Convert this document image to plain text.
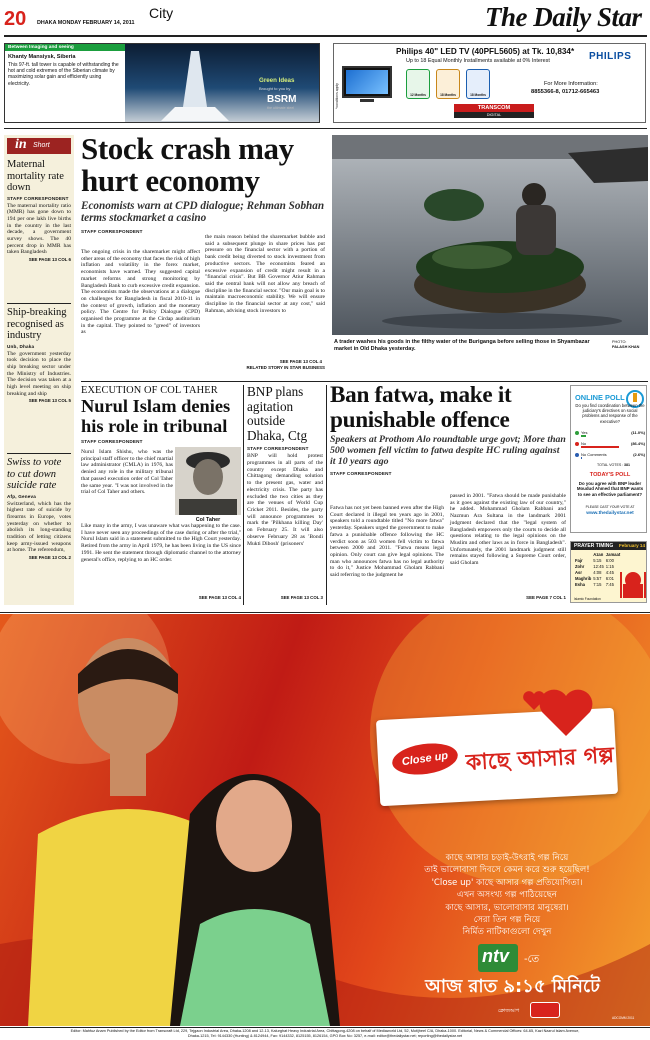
20 DHAKA MONDAY FEBRUARY 14, 2011
City	The Daily Star
Between Imaging and seeing
Khanty Mansiysk, Siberia
This 97-ft. tall tower is capable of withstanding the hot and cold extremes of the Siberian climate by maximizing solar gain and efficiently using electricity.	Green Ideas
Brought to you by
BSRM
the ultimate steel
Philips 40" LED TV (40PFL5605) at Tk. 10,834* PHILIPS
Up to 18 Equal Monthly Installments available at 0% Interest
*conditions apply	12 Months	18 Months	18 Months
For More Information:
8855366-8, 01712-665463
TRANSCOM
DIGITAL
in Short
Maternal mortality rate down
STAFF CORRESPONDENT
The maternal mortality ratio (MMR) has gone down to 194 per one lakh live births in the country in the last decade, a government survey shows. The 40 percent drop in MMR has taken Bangladesh
SEE PAGE 13 COL 6
Ship-breaking recognised as industry
Unb, Dhaka
The government yesterday took decision to place the ship breaking sector under the Ministry of Industries. The decision was taken at a high level meeting on ship breaking and ship
SEE PAGE 13 COL 5
Swiss to vote to cut down suicide rate
Afp, Geneva
Switzerland, which has the highest rate of suicide by firearms in Europe, votes yesterday on whether to abolish its long-standing tradition of letting citizens keep army-issued weapons at home. The referendum,
SEE PAGE 13 COL 2
Stock crash may hurt economy
Economists warn at CPD dialogue; Rehman Sobhan terms stockmarket a casino
STAFF CORRESPONDENT
The ongoing crisis in the sharemarket might affect other areas of the economy that faces the risk of high inflation and volatility in the forex market, economists have warned. They suggested capital market reforms and strong monitoring by Bangladesh Bank to curb excessive credit expansion. The economists made the observations at a dialogue on challenges for Bangladesh in fiscal 2010-11 in the context of growth, inflation and the monetary policy. The Centre for Policy Dialogue (CPD) organised the programme at the Cirdap auditorium in the capital. They pointed to "greed" of investors as
the main reason behind the sharemarket bubble and said a subsequent plunge in share prices has put pressure on the financial sector with a portion of bank credit being diverted to stock investment from productive sectors. The economists feared an excessive expansion of credit might result in a "financial crisis". But BB Governor Atiur Rahman said the central bank will not allow any breach of discipline in the financial sector. "Our main goal is to maintain macroeconomic stability. We will ensure discipline in the financial sector at any cost," said Rahman, advising stock investors to
SEE PAGE 13 COL 4
RELATED STORY IN STAR BUSINESS
A trader washes his goods in the filthy water of the Buriganga before selling those in Shyambazar market in Old Dhaka yesterday.
PHOTO:
PALASH KHAN
EXECUTION OF COL TAHER
Nurul Islam denies his role in tribunal
STAFF CORRESPONDENT
Nurul Islam Shishu, who was the principal staff officer to the chief martial law administrator (CMLA) in 1976, has denied any role in the military tribunal that passed execution order of Col Taher the same year. "I was not involved in the trial of Col Taher and others.
Col Taher
Like many in the army, I was unaware what was happening to the case. I have never seen any proceedings of the case during or after the trial," Nurul Islam said in a statement submitted to the High Court yesterday. Retired from the army in April 1979, he has been living in the US since 1991. He sent the statement through diplomatic channel to the attorney general's office, replying to an HC order.
SEE PAGE 13 COL 4
BNP plans agitation outside Dhaka, Ctg
STAFF CORRESPONDENT
BNP will hold protest programmes in all parts of the country except Dhaka and Chittagong demanding solution to the present gas, water and electricity crisis. The party has excluded the two cities as they are the venues of World Cup Cricket 2011. Besides, the party will announce programmes to mark the 'Pilkhana killing Day' on February 25. It will also observe February 28 as 'Bondi Mukti Dibosh' (prisoners'
SEE PAGE 13 COL 3
Ban fatwa, make it punishable offence
Speakers at Prothom Alo roundtable urge govt; More than 500 women fell victim to fatwa despite HC ruling against it 10 years ago
STAFF CORRESPONDENT
Fatwa has not yet been banned even after the High Court declared it illegal ten years ago in 2001, speakers told a roundtable titled "No more fatwa" yesterday. Speakers urged the government to make fatwa a punishable offence following the HC verdict soon as 503 women fell victim to fatwa between 2000 and 2011. "Fatwa means legal opinion. Only court can give legal opinions. The man who announces fatwa has no legal authority to do it," Justice Mohammad Gholam Rabbani said referring to the judgment he
passed in 2001. "Fatwa should be made punishable as it goes against the existing law of our country," he added. Mohammad Gholam Rabbani and Nazmun Ara Sultana in the landmark 2001 judgment declared that the "legal system of Bangladesh empowers only the courts to decide all questions relating to the legal opinions on the Muslim and other laws as in force in Bangladesh". Unfortunately, the 2001 landmark judgment still remains stayed following a Supreme Court order, said Gholam
SEE PAGE 7 COL 1
ONLINE POLL
Do you find coordination between the judiciary's directives on social problems and response of the executive?
Yes	(11.0%)
No	(86.4%)
No Comments	(2.6%)
TOTAL VOTES : 381
TODAY'S POLL
Do you agree with BNP leader Moudud Ahmed that BNP wants to see an effective parliament?
PLEASE CAST YOUR VOTE AT
www.thedailystar.net
PRAYER TIMING February 14
	Azan	Jamaat
Fajr	5:15	6:00
Zohr	12:45	1:15
Asr	4:08	4:45
Maghrib	5:57	6:01
Esha	7:15	7:45
Islamic Foundation
Close up কাছে আসার গল্প
কাছে আসার চড়াই-উৎরাই গল্প নিয়ে
তাই ভালোবাসা দিবসে কেমন করে শুরু হয়েছিল!
'Close up' কাছে আসার গল্প প্রতিযোগিতা।
এখন অসংখ্য গল্প পাঠিয়েছেন
কাছে আসার, ভালোবাসার মানুষেরা।
সেরা তিন গল্প নিয়ে
নির্মিত নাটিকাগুলো দেখুন
ntv -তে
আজ রাত ৯:১৫ মিনিটে
ক্লোজআপ
ADCOMM 2011
Editor: Mahfuz Anam Published by the Editor from Transcraft Ltd, 229, Tejgaon Industrial Area, Dhaka-1208 and 12-13, Kalurghat Heavy Industrial Area, Chittagong-4208 on behalf of Mediaworld Ltd, 52, Motijheel C/A, Dhaka-1000. Editorial, News & Commercial Offices: 64-65, Kazi Nazrul Islam Avenue,
Dhaka-1215, Tel: 9144330 (Hunting) & 8124944, Fax: 9144332, 8125155, 8126154, GPO Box No: 3257, e-mail: editor@thedailystar.net; reporting@thedailystar.net
